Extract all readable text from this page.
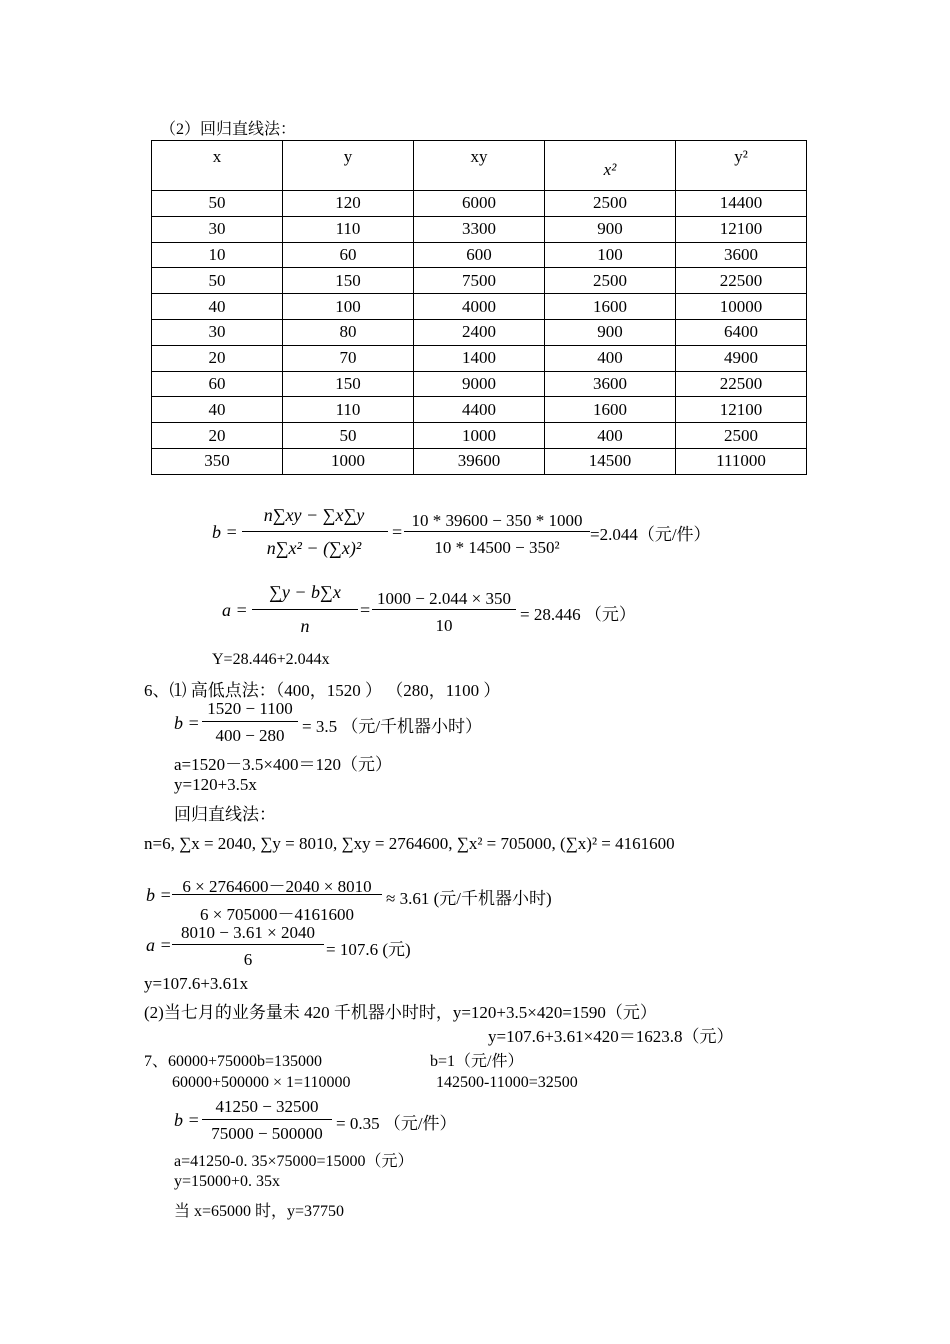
（2）回归直线法：
x	y	xy	x²	y²
50	120	6000	2500	14400
30	110	3300	900	12100
10	60	600	100	3600
50	150	7500	2500	22500
40	100	4000	1600	10000
30	80	2400	900	6400
20	70	1400	400	4900
60	150	9000	3600	22500
40	110	4400	1600	12100
20	50	1000	400	2500
350	1000	39600	14500	111000
b =
n∑xy − ∑x∑y
n∑x² − (∑x)²
=
10 * 39600 − 350 * 1000
10 * 14500 − 350²
=2.044（元/件）
a =
∑y − b∑x
n
=
1000 − 2.044 × 350
10
= 28.446 （元）
Y=28.446+2.044x
6、⑴ 高低点法：（400，1520 ） （280，1100 ）
b =
1520 − 1100
400 − 280	= 3.5 （元/千机器小时）
a=1520－3.5×400＝120（元）
y=120+3.5x
回归直线法：
n=6, ∑x = 2040, ∑y = 8010, ∑xy = 2764600, ∑x² = 705000, (∑x)² = 4161600
b = 6 × 2764600－2040 × 8010
6 × 705000－4161600
≈ 3.61 (元/千机器小时)
a =
8010 − 3.61 × 2040
6
= 107.6 (元)
y=107.6+3.61x
(2)当七月的业务量未 420 千机器小时时，y=120+3.5×420=1590（元）
y=107.6+3.61×420＝1623.8（元）
7、60000+75000b=135000	b=1（元/件）
60000+500000 × 1=110000	142500-11000=32500
b =
41250 − 32500
75000 − 500000
= 0.35 （元/件）
a=41250-0. 35×75000=15000（元）
y=15000+0. 35x
当 x=65000 时，y=37750
